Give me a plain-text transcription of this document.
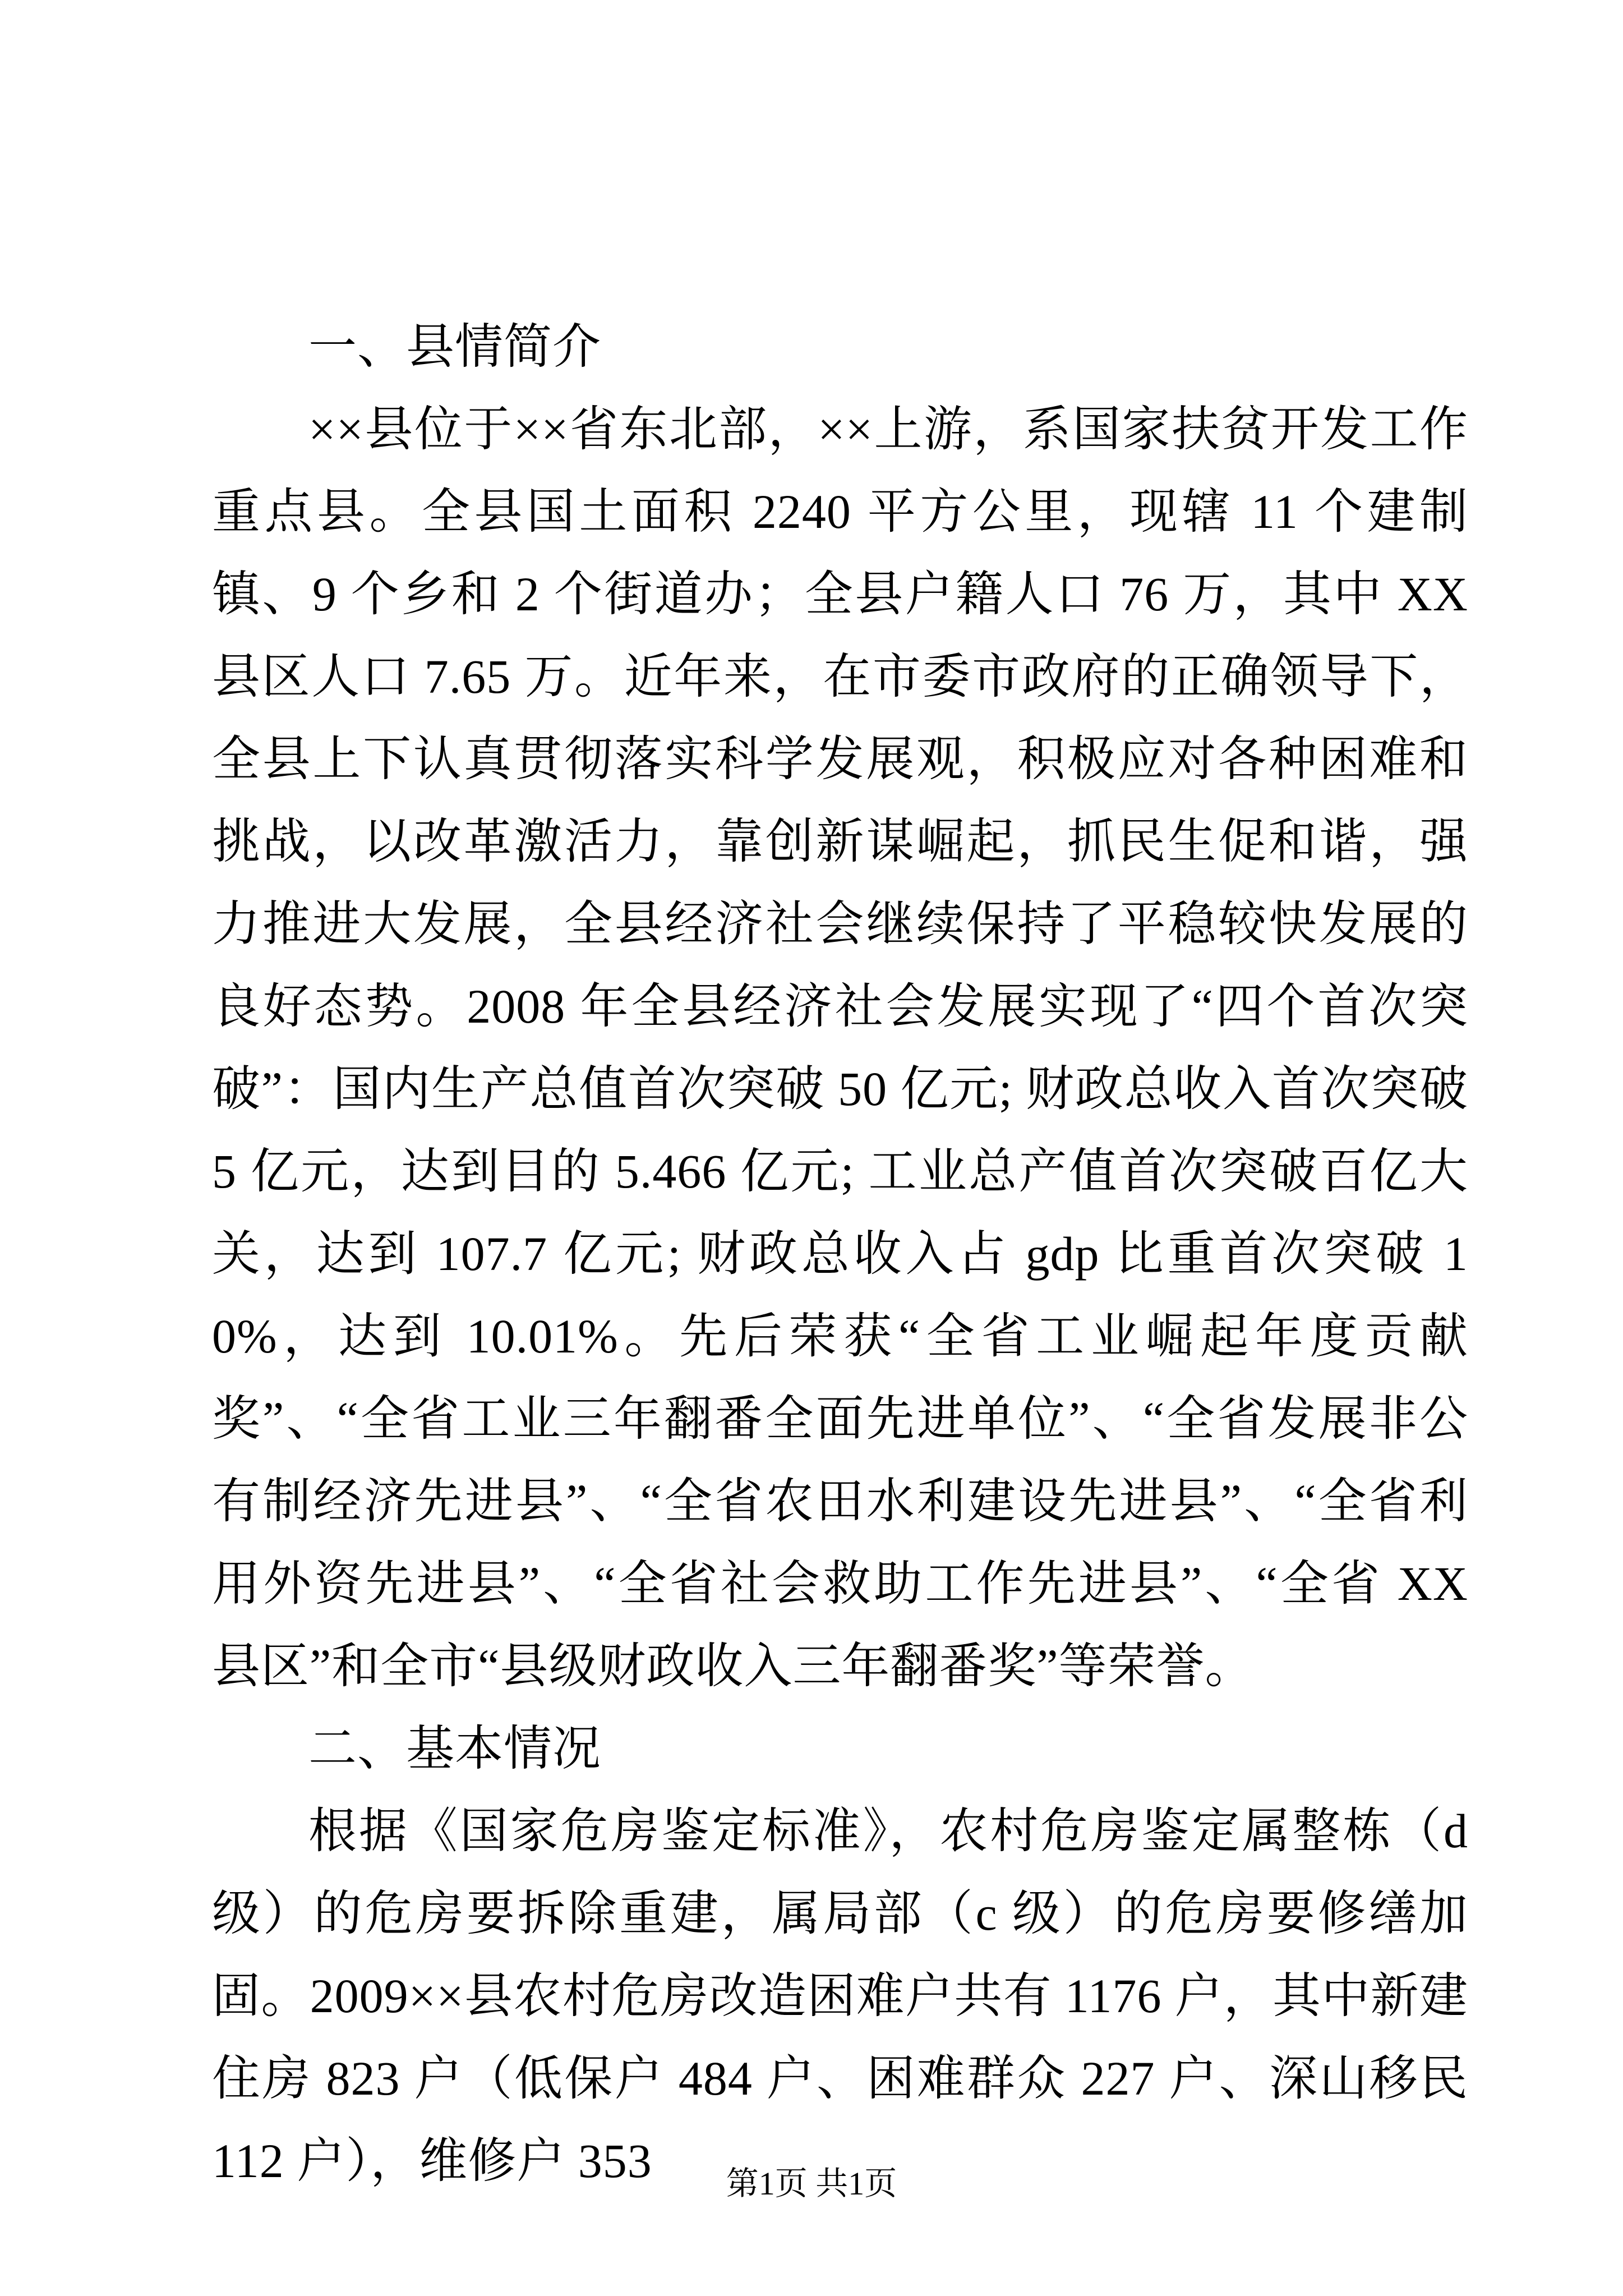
一、县情简介

××县位于××省东北部，××上游，系国家扶贫开发工作重点县。全县国土面积 2240 平方公里，现辖 11 个建制镇、9 个乡和 2 个街道办；全县户籍人口 76 万，其中 XX 县区人口 7.65 万。近年来，在市委市政府的正确领导下，全县上下认真贯彻落实科学发展观，积极应对各种困难和挑战，以改革激活力，靠创新谋崛起，抓民生促和谐，强力推进大发展，全县经济社会继续保持了平稳较快发展的良好态势。2008 年全县经济社会发展实现了“四个首次突破”：国内生产总值首次突破 50 亿元; 财政总收入首次突破 5 亿元，达到目的 5.466 亿元; 工业总产值首次突破百亿大关，达到 107.7 亿元; 财政总收入占 gdp 比重首次突破 10%，达到 10.01%。先后荣获“全省工业崛起年度贡献奖”、“全省工业三年翻番全面先进单位”、“全省发展非公有制经济先进县”、“全省农田水利建设先进县”、“全省利用外资先进县”、“全省社会救助工作先进县”、“全省 XX 县区”和全市“县级财政收入三年翻番奖”等荣誉。

二、基本情况

根据《国家危房鉴定标准》，农村危房鉴定属整栋（d 级）的危房要拆除重建，属局部（c 级）的危房要修缮加固。2009××县农村危房改造困难户共有 1176 户，其中新建住房 823 户（低保户 484 户、困难群众 227 户、深山移民 112 户），维修户 353	第1页 共1页
